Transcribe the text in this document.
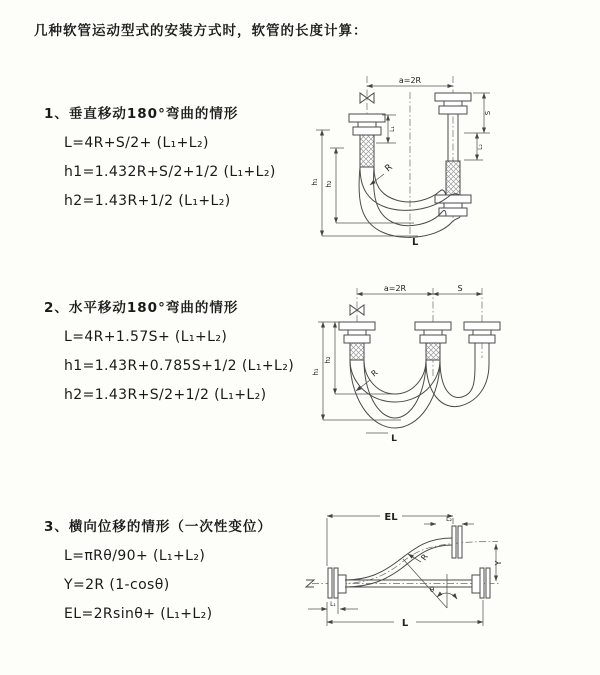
几种软管运动型式的安装方式时，软管的长度计算：
1、垂直移动180°弯曲的情形
L=4R+S/2+ (L₁+L₂)
h1=1.432R+S/2+1/2 (L₁+L₂)
h2=1.43R+1/2 (L₁+L₂)
2、水平移动180°弯曲的情形
L=4R+1.57S+ (L₁+L₂)
h1=1.43R+0.785S+1/2 (L₁+L₂)
h2=1.43R+S/2+1/2 (L₁+L₂)
3、横向位移的情形（一次性变位）
L=πRθ/90+ (L₁+L₂)
Y=2R (1-cosθ)
EL=2Rsinθ+ (L₁+L₂)
a=2R
h₁ h₂
L₁
S
L₂
R
L
a=2R	S
h₁
h₂
R
L
EL	L₂
Y
R
θ
L
L₁
